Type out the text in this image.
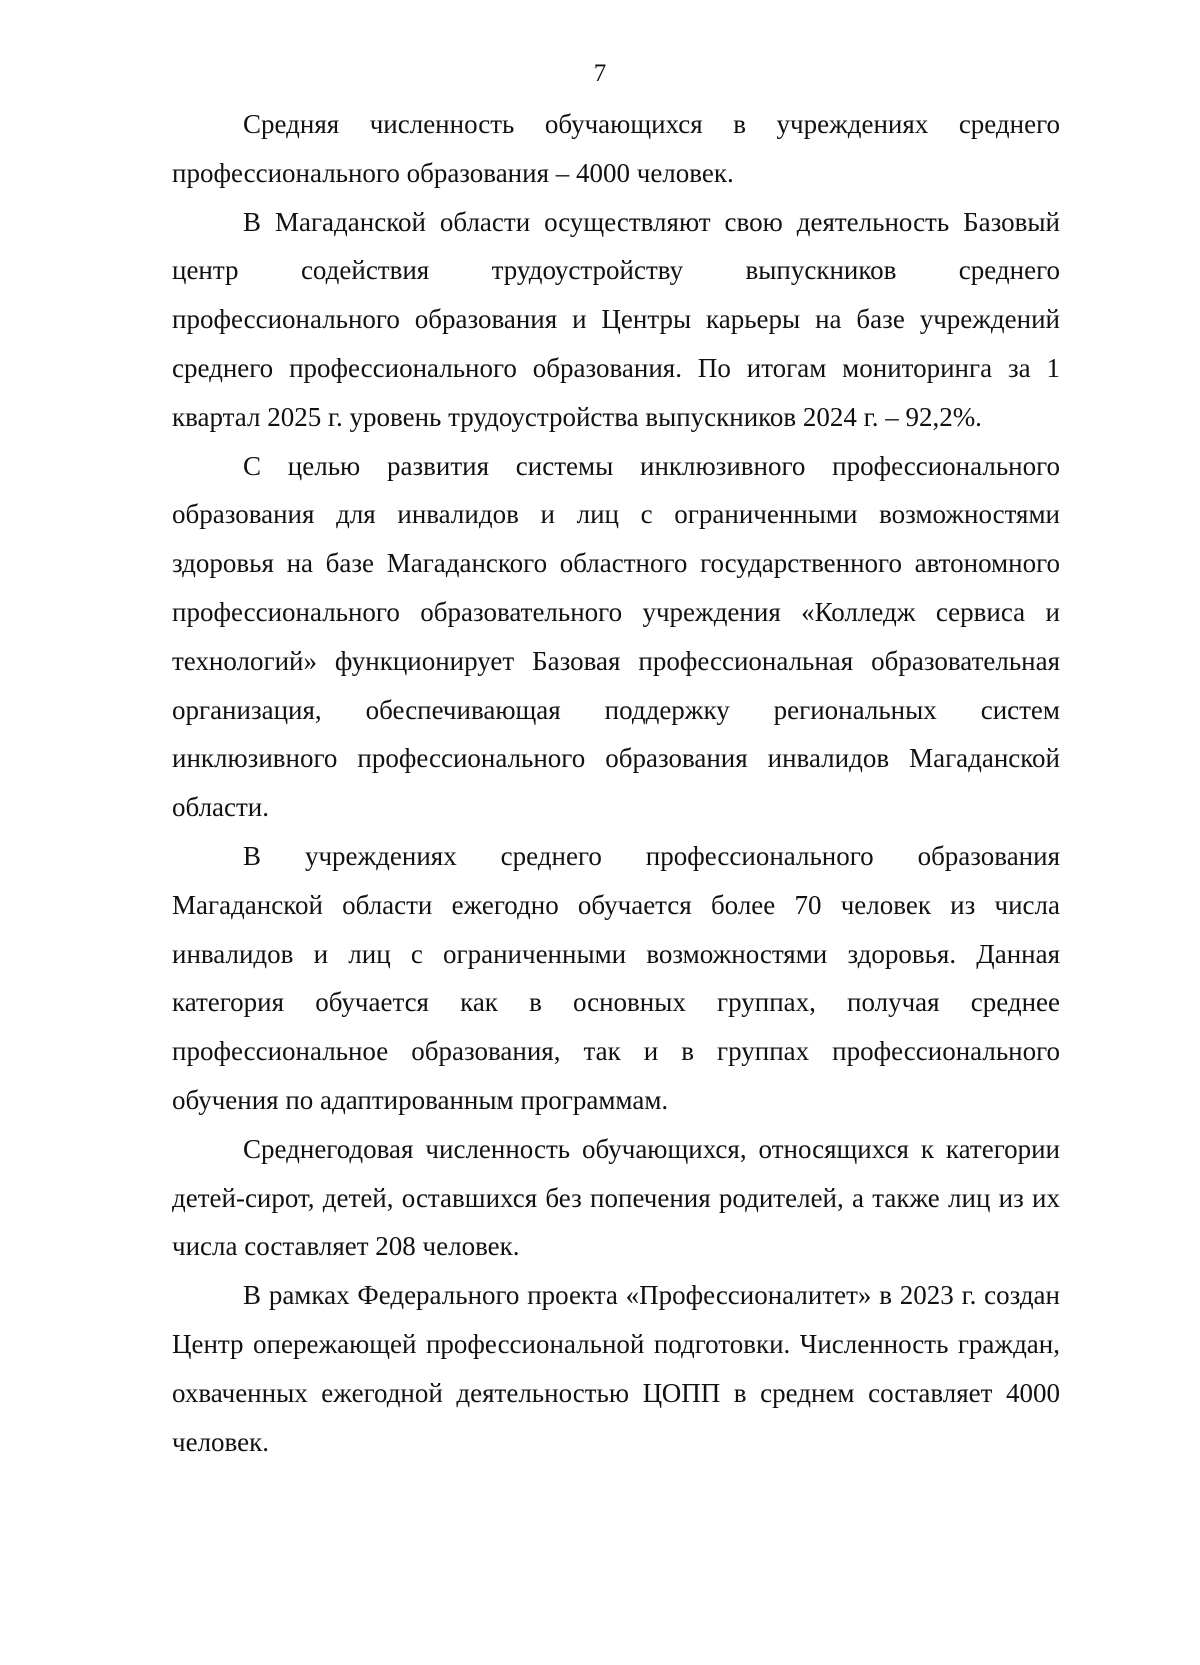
7

Средняя численность обучающихся в учреждениях среднего профессионального образования – 4000 человек.

В Магаданской области осуществляют свою деятельность Базовый центр содействия трудоустройству выпускников среднего профессионального образования и Центры карьеры на базе учреждений среднего профессионального образования. По итогам мониторинга за 1 квартал 2025 г. уровень трудоустройства выпускников 2024 г. – 92,2%.

С целью развития системы инклюзивного профессионального образования для инвалидов и лиц с ограниченными возможностями здоровья на базе Магаданского областного государственного автономного профессионального образовательного учреждения «Колледж сервиса и технологий» функционирует Базовая профессиональная образовательная организация, обеспечивающая поддержку региональных систем инклюзивного профессионального образования инвалидов Магаданской области.

В учреждениях среднего профессионального образования Магаданской области ежегодно обучается более 70 человек из числа инвалидов и лиц с ограниченными возможностями здоровья. Данная категория обучается как в основных группах, получая среднее профессиональное образования, так и в группах профессионального обучения по адаптированным программам.

Среднегодовая численность обучающихся, относящихся к категории детей-сирот, детей, оставшихся без попечения родителей, а также лиц из их числа составляет 208 человек.

В рамках Федерального проекта «Профессионалитет» в 2023 г. создан Центр опережающей профессиональной подготовки. Численность граждан, охваченных ежегодной деятельностью ЦОПП в среднем составляет 4000 человек.
